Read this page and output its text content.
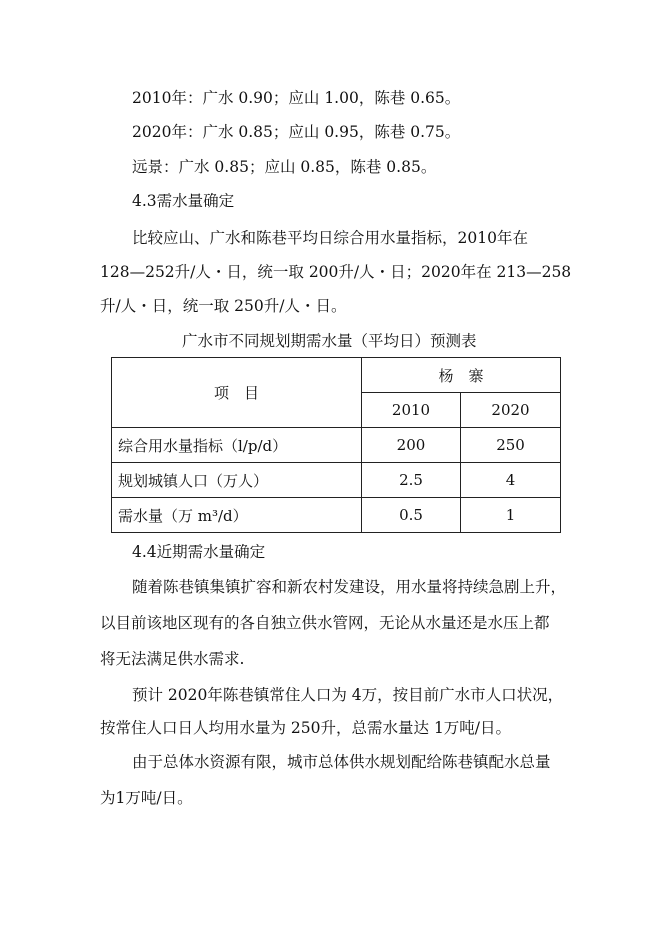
2010年：广水 0.90；应山 1.00，陈巷 0.65。
2020年：广水 0.85；应山 0.95，陈巷 0.75。
远景：广水 0.85；应山 0.85，陈巷 0.85。
4.3需水量确定
比较应山、广水和陈巷平均日综合用水量指标，2010年在
128—252升/人・日，统一取 200升/人・日；2020年在 213—258
升/人・日，统一取 250升/人・日。
广水市不同规划期需水量（平均日）预测表
项　目	杨　寨	
	2010	2020
综合用水量指标（l/p/d）	200	250
规划城镇人口（万人）	2.5	4
需水量（万 m³/d）	0.5	1
4.4近期需水量确定
随着陈巷镇集镇扩容和新农村发建设，用水量将持续急剧上升，
以目前该地区现有的各自独立供水管网，无论从水量还是水压上都
将无法满足供水需求.
预计 2020年陈巷镇常住人口为 4万，按目前广水市人口状况，
按常住人口日人均用水量为 250升，总需水量达 1万吨/日。
由于总体水资源有限，城市总体供水规划配给陈巷镇配水总量
为1万吨/日。
